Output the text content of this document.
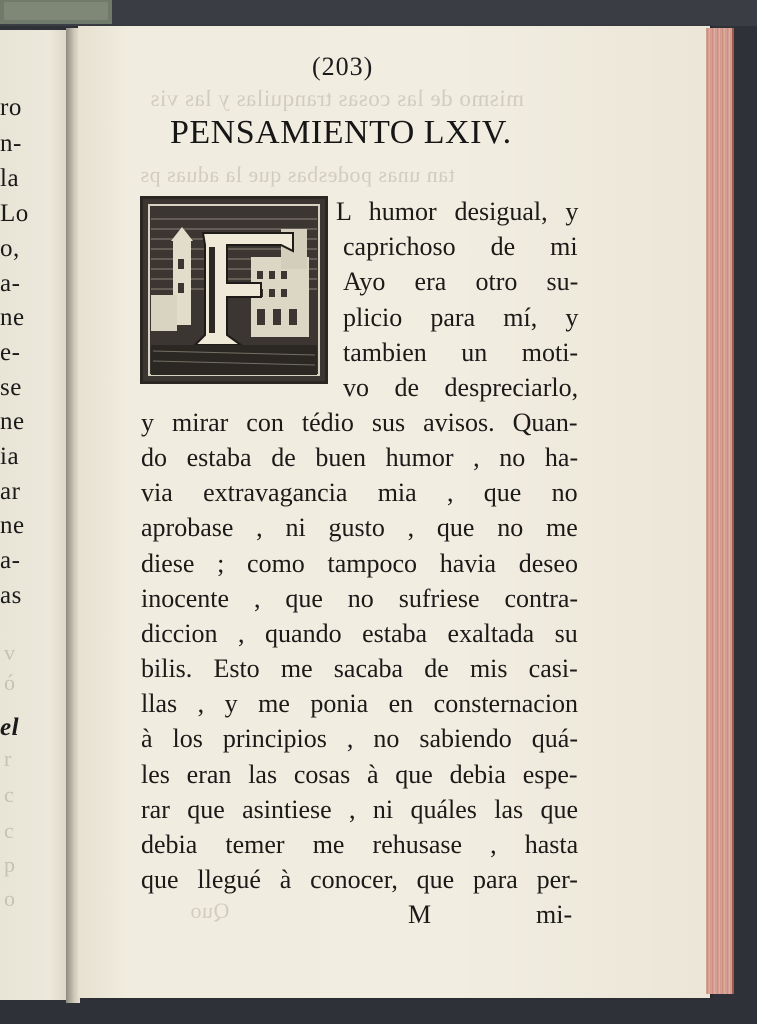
ro
n-
la
Lo
o,
a-
ne
e-
se
ne
ia
ar
ne
a-
as
v
ó
el
r
c
c
p
o
mismo de las cosas tranquilas y las vis
tan unas podesbas que la aduas ps
Quo
(203)
PENSAMIENTO LXIV.
L humor desigual, y
caprichoso de mi
Ayo era otro su-
plicio para mí, y
tambien un moti-
vo de despreciarlo,
y mirar con tédio sus avisos. Quan-
do estaba de buen humor , no ha-
via extravagancia mia , que no
aprobase , ni gusto , que no me
diese ; como tampoco havia deseo
inocente , que no sufriese contra-
diccion , quando estaba exaltada su
bilis. Esto me sacaba de mis casi-
llas , y me ponia en consternacion
à los principios , no sabiendo quá-
les eran las cosas à que debia espe-
rar que asintiese , ni quáles las que
debia temer me rehusase , hasta
que llegué à conocer, que para per-
M	mi-
